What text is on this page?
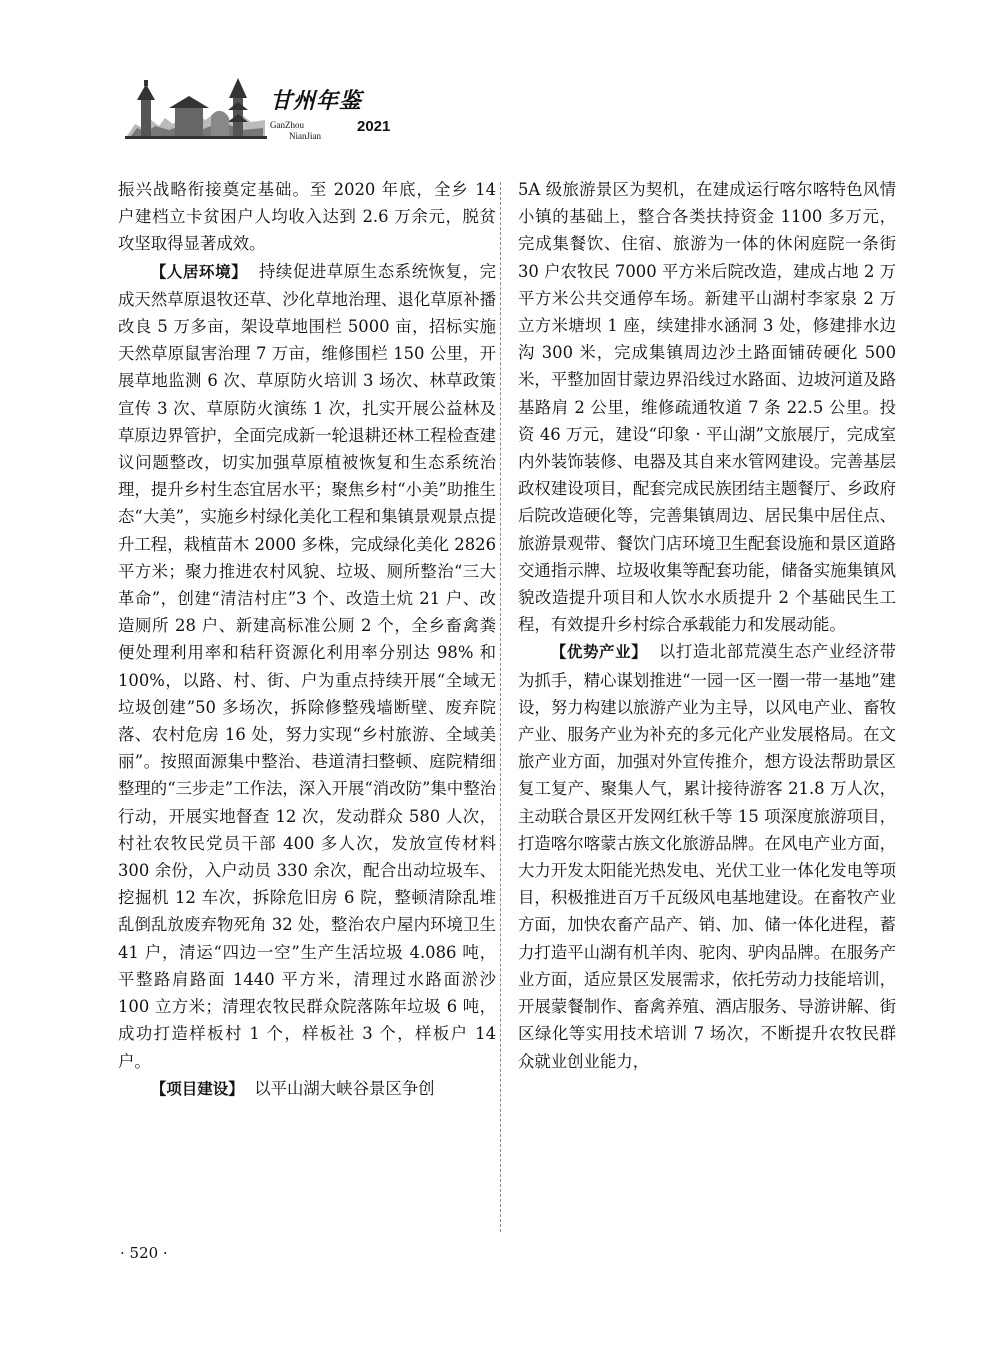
甘州年鉴
GanZhou
NianJian
2021

振兴战略衔接奠定基础。至 2020 年底，全乡 14 户建档立卡贫困户人均收入达到 2.6 万余元，脱贫攻坚取得显著成效。

【人居环境】 持续促进草原生态系统恢复，完成天然草原退牧还草、沙化草地治理、退化草原补播改良 5 万多亩，架设草地围栏 5000 亩，招标实施天然草原鼠害治理 7 万亩，维修围栏 150 公里，开展草地监测 6 次、草原防火培训 3 场次、林草政策宣传 3 次、草原防火演练 1 次，扎实开展公益林及草原边界管护，全面完成新一轮退耕还林工程检查建议问题整改，切实加强草原植被恢复和生态系统治理，提升乡村生态宜居水平；聚焦乡村“小美”助推生态“大美”，实施乡村绿化美化工程和集镇景观景点提升工程，栽植苗木 2000 多株，完成绿化美化 2826 平方米；聚力推进农村风貌、垃圾、厕所整治“三大革命”，创建“清洁村庄”3 个、改造土炕 21 户、改造厕所 28 户、新建高标准公厕 2 个，全乡畜禽粪便处理利用率和秸秆资源化利用率分别达 98% 和 100%，以路、村、街、户为重点持续开展“全域无垃圾创建”50 多场次，拆除修整残墙断壁、废弃院落、农村危房 16 处，努力实现“乡村旅游、全域美丽”。按照面源集中整治、巷道清扫整顿、庭院精细整理的“三步走”工作法，深入开展“消改防”集中整治行动，开展实地督查 12 次，发动群众 580 人次，村社农牧民党员干部 400 多人次，发放宣传材料 300 余份，入户动员 330 余次，配合出动垃圾车、挖掘机 12 车次，拆除危旧房 6 院，整顿清除乱堆乱倒乱放废弃物死角 32 处，整治农户屋内环境卫生 41 户，清运“四边一空”生产生活垃圾 4.086 吨，平整路肩路面 1440 平方米，清理过水路面淤沙 100 立方米；清理农牧民群众院落陈年垃圾 6 吨，成功打造样板村 1 个，样板社 3 个，样板户 14 户。

【项目建设】 以平山湖大峡谷景区争创

5A 级旅游景区为契机，在建成运行喀尔喀特色风情小镇的基础上，整合各类扶持资金 1100 多万元，完成集餐饮、住宿、旅游为一体的休闲庭院一条街 30 户农牧民 7000 平方米后院改造，建成占地 2 万平方米公共交通停车场。新建平山湖村李家泉 2 万立方米塘坝 1 座，续建排水涵洞 3 处，修建排水边沟 300 米，完成集镇周边沙土路面铺砖硬化 500 米，平整加固甘蒙边界沿线过水路面、边坡河道及路基路肩 2 公里，维修疏通牧道 7 条 22.5 公里。投资 46 万元，建设“印象 · 平山湖”文旅展厅，完成室内外装饰装修、电器及其自来水管网建设。完善基层政权建设项目，配套完成民族团结主题餐厅、乡政府后院改造硬化等，完善集镇周边、居民集中居住点、旅游景观带、餐饮门店环境卫生配套设施和景区道路交通指示牌、垃圾收集等配套功能，储备实施集镇风貌改造提升项目和人饮水水质提升 2 个基础民生工程，有效提升乡村综合承载能力和发展动能。

【优势产业】 以打造北部荒漠生态产业经济带为抓手，精心谋划推进“一园一区一圈一带一基地”建设，努力构建以旅游产业为主导，以风电产业、畜牧产业、服务产业为补充的多元化产业发展格局。在文旅产业方面，加强对外宣传推介，想方设法帮助景区复工复产、聚集人气，累计接待游客 21.8 万人次，主动联合景区开发网红秋千等 15 项深度旅游项目，打造喀尔喀蒙古族文化旅游品牌。在风电产业方面，大力开发太阳能光热发电、光伏工业一体化发电等项目，积极推进百万千瓦级风电基地建设。在畜牧产业方面，加快农畜产品产、销、加、储一体化进程，蓄力打造平山湖有机羊肉、驼肉、驴肉品牌。在服务产业方面，适应景区发展需求，依托劳动力技能培训，开展蒙餐制作、畜禽养殖、酒店服务、导游讲解、街区绿化等实用技术培训 7 场次，不断提升农牧民群众就业创业能力，

· 520 ·
